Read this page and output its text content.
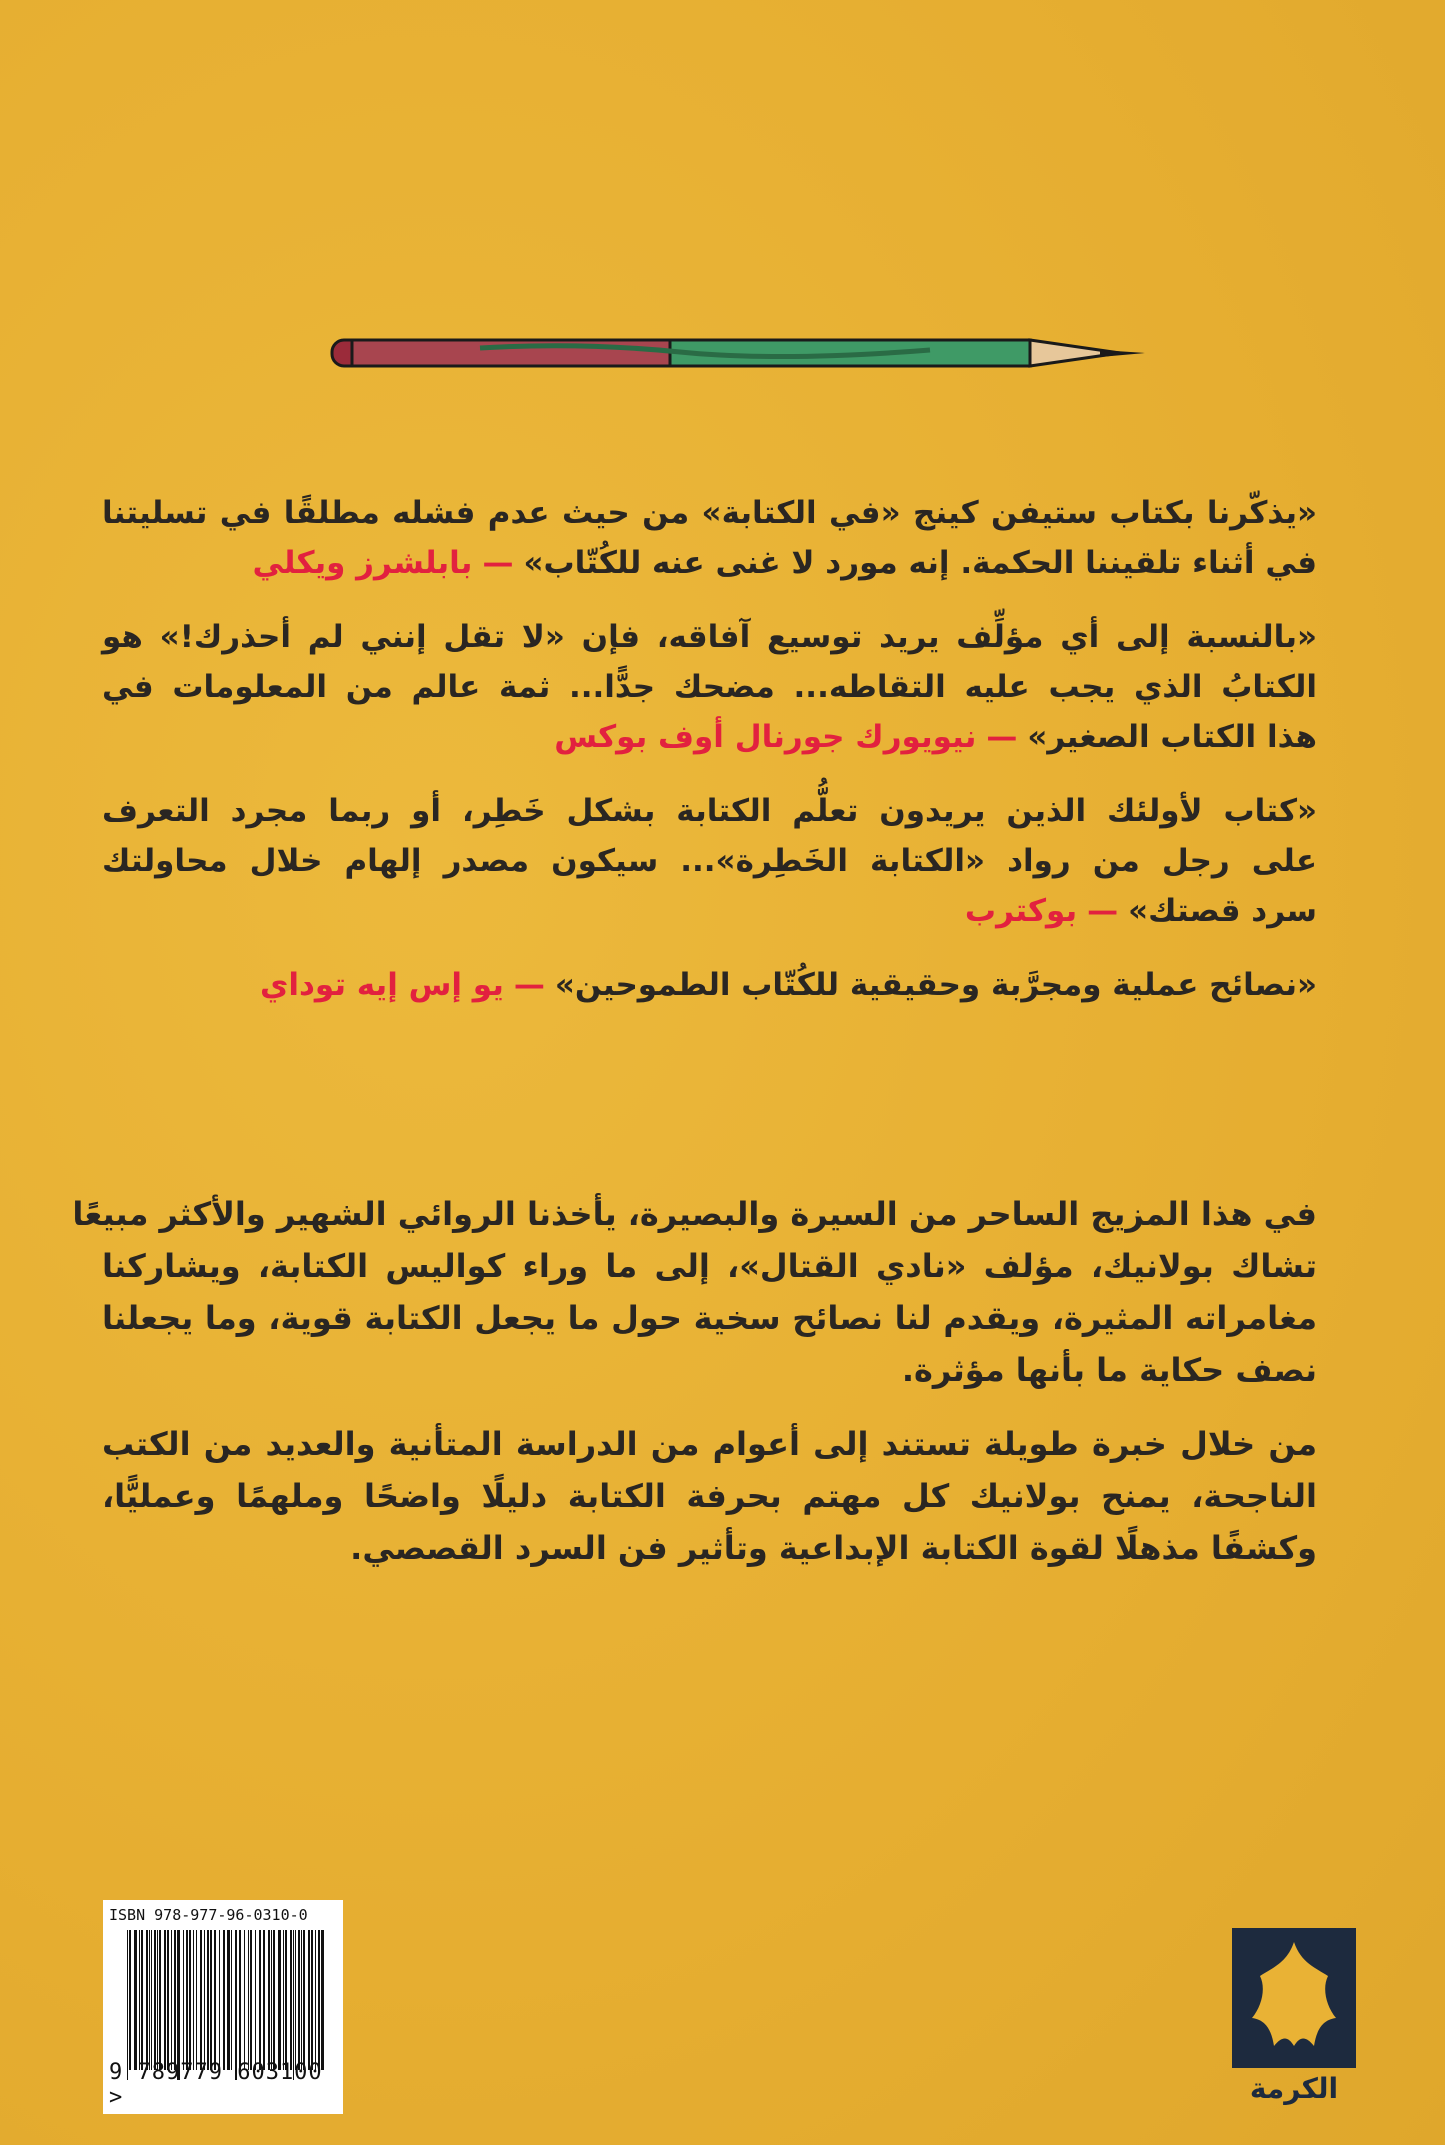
«يذكّرنا بكتاب ستيفن كينج «في الكتابة» من حيث عدم فشله مطلقًا في تسليتنا
في أثناء تلقيننا الحكمة. إنه مورد لا غنى عنه للكُتّاب»—بابلشرز ويكلي
«بالنسبة إلى أي مؤلِّف يريد توسيع آفاقه، فإن «لا تقل إنني لم أحذرك!» هو
الكتابُ الذي يجب عليه التقاطه... مضحك جدًّا... ثمة عالم من المعلومات في
هذا الكتاب الصغير»—نيويورك جورنال أوف بوكس
«كتاب لأولئك الذين يريدون تعلُّم الكتابة بشكل خَطِر، أو ربما مجرد التعرف
على رجل من رواد «الكتابة الخَطِرة»... سيكون مصدر إلهام خلال محاولتك
سرد قصتك»—بوكترب
«نصائح عملية ومجرَّبة وحقيقية للكُتّاب الطموحين»—يو إس إيه توداي
في هذا المزيج الساحر من السيرة والبصيرة، يأخذنا الروائي الشهير والأكثر مبيعًا
تشاك بولانيك، مؤلف «نادي القتال»، إلى ما وراء كواليس الكتابة، ويشاركنا
مغامراته المثيرة، ويقدم لنا نصائح سخية حول ما يجعل الكتابة قوية، وما يجعلنا
نصف حكاية ما بأنها مؤثرة.
من خلال خبرة طويلة تستند إلى أعوام من الدراسة المتأنية والعديد من الكتب
الناجحة، يمنح بولانيك كل مهتم بحرفة الكتابة دليلًا واضحًا وملهمًا وعمليًّا،
وكشفًا مذهلًا لقوة الكتابة الإبداعية وتأثير فن السرد القصصي.
ISBN 978-977-96-0310-0
9 789779 603100 >	الكرمة
